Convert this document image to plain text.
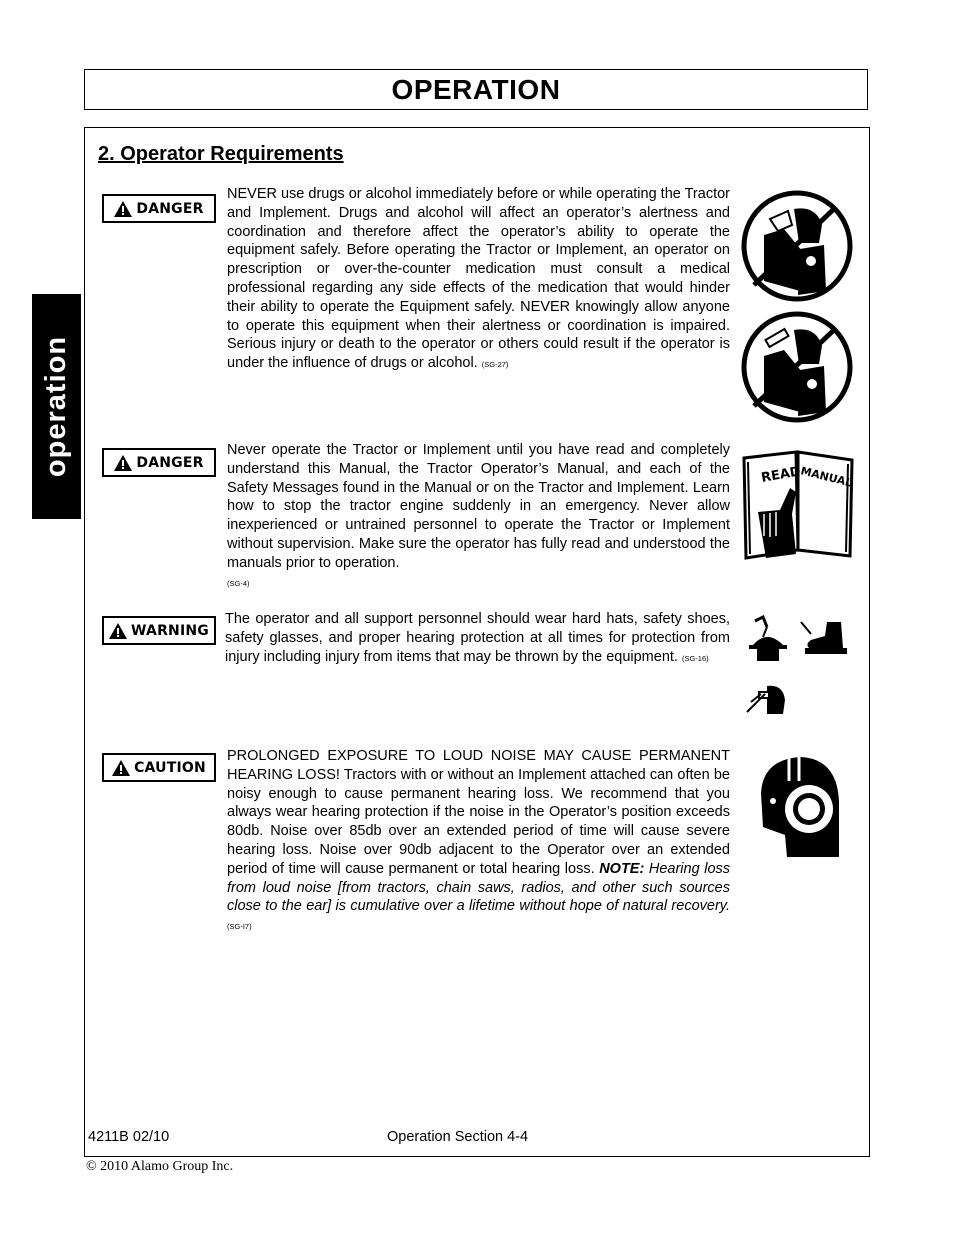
OPERATION
operation
2. Operator Requirements
DANGER
NEVER use drugs or alcohol immediately before or while operating the Tractor and Implement. Drugs and alcohol will affect an operator’s alertness and coordination and therefore affect the operator’s ability to operate the equipment safely. Before operating the Tractor or Implement, an operator on prescription or over-the-counter medication must consult a medical professional regarding any side effects of the medication that would hinder their ability to operate the Equipment safely. NEVER knowingly allow anyone to operate this equipment when their alertness or coordination is impaired. Serious injury or death to the operator or others could result if the operator is under the influence of drugs or alcohol. (SG-27)
DANGER
Never operate the Tractor or Implement until you have read and completely understand this Manual, the Tractor Operator’s Manual, and each of the Safety Messages found in the Manual or on the Tractor and Implement. Learn how to stop the tractor engine suddenly in an emergency. Never allow inexperienced or untrained personnel to operate the Tractor or Implement without supervision. Make sure the operator has fully read and understood the manuals prior to operation.
(SG-4)
READ
MANUAL
WARNING
The operator and all support personnel should wear hard hats, safety shoes, safety glasses, and proper hearing protection at all times for protection from injury including injury from items that may be thrown by the equipment. (SG-16)
CAUTION
PROLONGED EXPOSURE TO LOUD NOISE MAY CAUSE PERMANENT HEARING LOSS! Tractors with or without an Implement attached can often be noisy enough to cause permanent hearing loss. We recommend that you always wear hearing protection if the noise in the Operator’s position exceeds 80db. Noise over 85db over an extended period of time will cause severe hearing loss. Noise over 90db adjacent to the Operator over an extended period of time will cause permanent or total hearing loss. NOTE: Hearing loss from loud noise [from tractors, chain saws, radios, and other such sources close to the ear] is cumulative over a lifetime without hope of natural recovery. (SG-I7)
4211B 02/10	Operation Section 4-4
© 2010 Alamo Group Inc.
